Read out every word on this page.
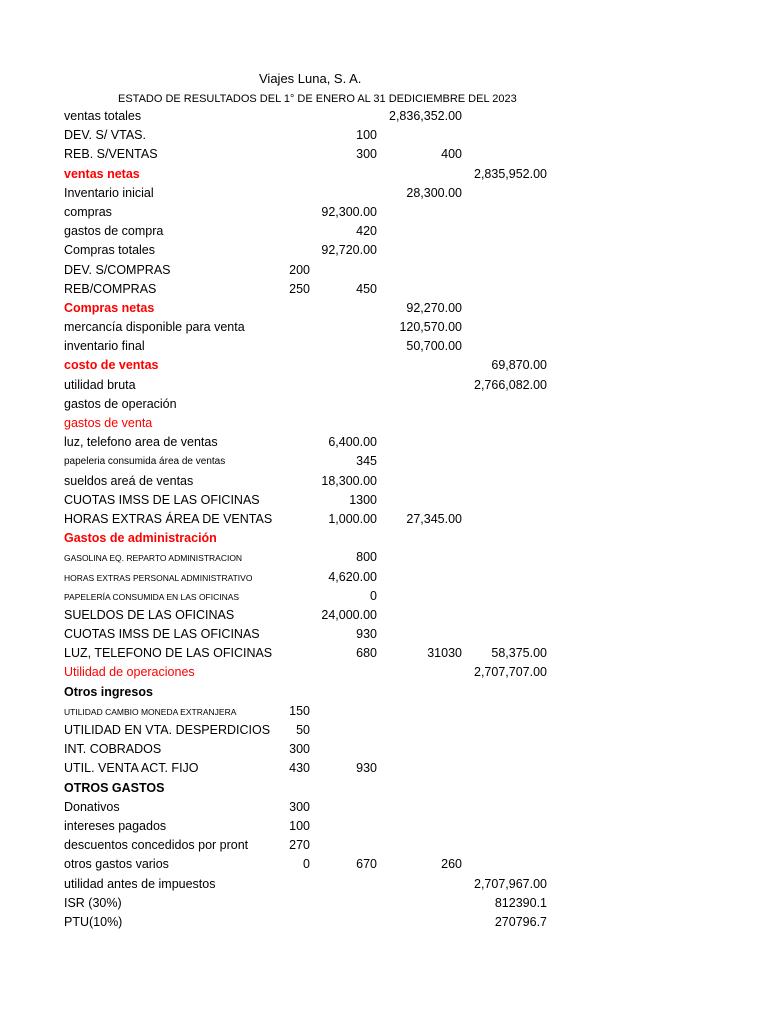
Viajes Luna, S. A.
ESTADO DE RESULTADOS DEL 1° DE ENERO AL 31 DEDICIEMBRE DEL 2023
ventas totales	2,836,352.00
DEV. S/ VTAS.	100
REB. S/VENTAS	300	400
ventas netas	2,835,952.00
Inventario inicial	28,300.00
compras	92,300.00
gastos de compra	420
Compras totales	92,720.00
DEV. S/COMPRAS	200
REB/COMPRAS	250	450
Compras netas	92,270.00
mercancía disponible para venta	120,570.00
inventario final	50,700.00
costo de ventas	69,870.00
utilidad bruta	2,766,082.00
gastos de operación
gastos de venta
luz, telefono area de ventas	6,400.00
papeleria consumida área de ventas	345
sueldos areá de ventas	18,300.00
CUOTAS IMSS DE LAS OFICINAS	1300
HORAS EXTRAS ÁREA DE VENTAS	1,000.00 27,345.00
Gastos de administración
GASOLINA EQ. REPARTO ADMINISTRACION	800
HORAS EXTRAS PERSONAL ADMINISTRATIVO	4,620.00
PAPELERÍA CONSUMIDA EN LAS OFICINAS	0
SUELDOS DE LAS OFICINAS	24,000.00
CUOTAS IMSS DE LAS OFICINAS	930
LUZ, TELEFONO DE LAS OFICINAS	680	31030 58,375.00
Utilidad de operaciones	2,707,707.00
Otros ingresos
UTILIDAD CAMBIO MONEDA EXTRANJERA	150
UTILIDAD EN VTA. DESPERDICIOS 50
INT. COBRADOS	300
UTIL. VENTA ACT. FIJO	430	930
OTROS GASTOS
Donativos	300
intereses pagados	100
descuentos concedidos por pront	270
otros gastos varios	0	670	260
utilidad antes de impuestos	2,707,967.00
ISR (30%)	812390.1
PTU(10%)	270796.7
